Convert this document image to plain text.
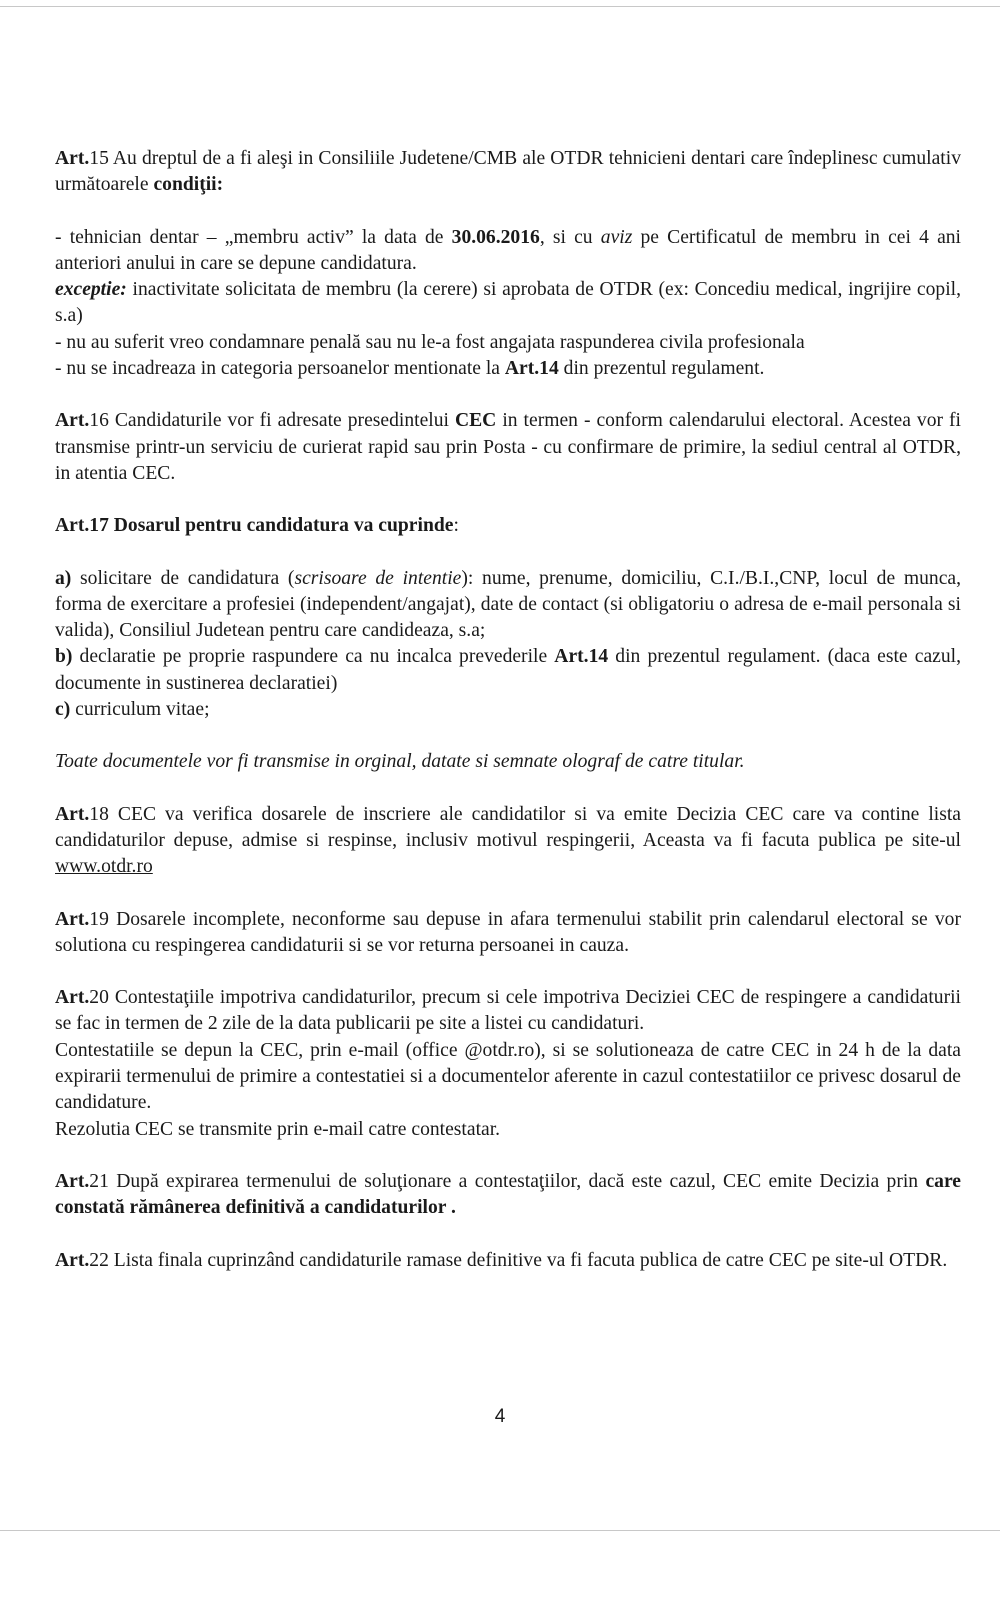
Art.15 Au dreptul de a fi aleşi in Consiliile Judetene/CMB ale OTDR tehnicieni dentari care îndeplinesc cumulativ următoarele condiţii:

- tehnician dentar – „membru activ” la data de 30.06.2016, si cu aviz pe Certificatul de membru in cei 4 ani anteriori anului in care se depune candidatura.

exceptie: inactivitate solicitata de membru (la cerere) si aprobata de OTDR (ex: Concediu medical, ingrijire copil, s.a)

- nu au suferit vreo condamnare penală sau nu le-a fost angajata raspunderea civila profesionala

- nu se incadreaza in categoria persoanelor mentionate la Art.14 din prezentul regulament.

Art.16 Candidaturile vor fi adresate presedintelui CEC in termen - conform calendarului electoral. Acestea vor fi transmise printr-un serviciu de curierat rapid sau prin Posta - cu confirmare de primire, la sediul central al OTDR, in atentia CEC.

Art.17 Dosarul pentru candidatura va cuprinde:

a) solicitare de candidatura (scrisoare de intentie): nume, prenume, domiciliu, C.I./B.I.,CNP, locul de munca, forma de exercitare a profesiei (independent/angajat), date de contact (si obligatoriu o adresa de e-mail personala si valida), Consiliul Judetean pentru care candideaza, s.a;

b) declaratie pe proprie raspundere ca nu incalca prevederile Art.14 din prezentul regulament. (daca este cazul, documente in sustinerea declaratiei)

c) curriculum vitae;

Toate documentele vor fi transmise in orginal, datate si semnate olograf de catre titular.

Art.18 CEC va verifica dosarele de inscriere ale candidatilor si va emite Decizia CEC care va contine lista candidaturilor depuse, admise si respinse, inclusiv motivul respingerii, Aceasta va fi facuta publica pe site-ul www.otdr.ro

Art.19 Dosarele incomplete, neconforme sau depuse in afara termenului stabilit prin calendarul electoral se vor solutiona cu respingerea candidaturii si se vor returna persoanei in cauza.

Art.20 Contestaţiile impotriva candidaturilor, precum si cele impotriva Deciziei CEC de respingere a candidaturii se fac in termen de 2 zile de la data publicarii pe site a listei cu candidaturi.

Contestatiile se depun la CEC, prin e-mail (office @otdr.ro), si se solutioneaza de catre CEC in 24 h de la data expirarii termenului de primire a contestatiei si a documentelor aferente in cazul contestatiilor ce privesc dosarul de candidature.

Rezolutia CEC se transmite prin e-mail catre contestatar.

Art.21 După expirarea termenului de soluţionare a contestaţiilor, dacă este cazul, CEC emite Decizia prin care constată rămânerea definitivă a candidaturilor .

Art.22 Lista finala cuprinzând candidaturile ramase definitive va fi facuta publica de catre CEC pe site-ul OTDR.

4
